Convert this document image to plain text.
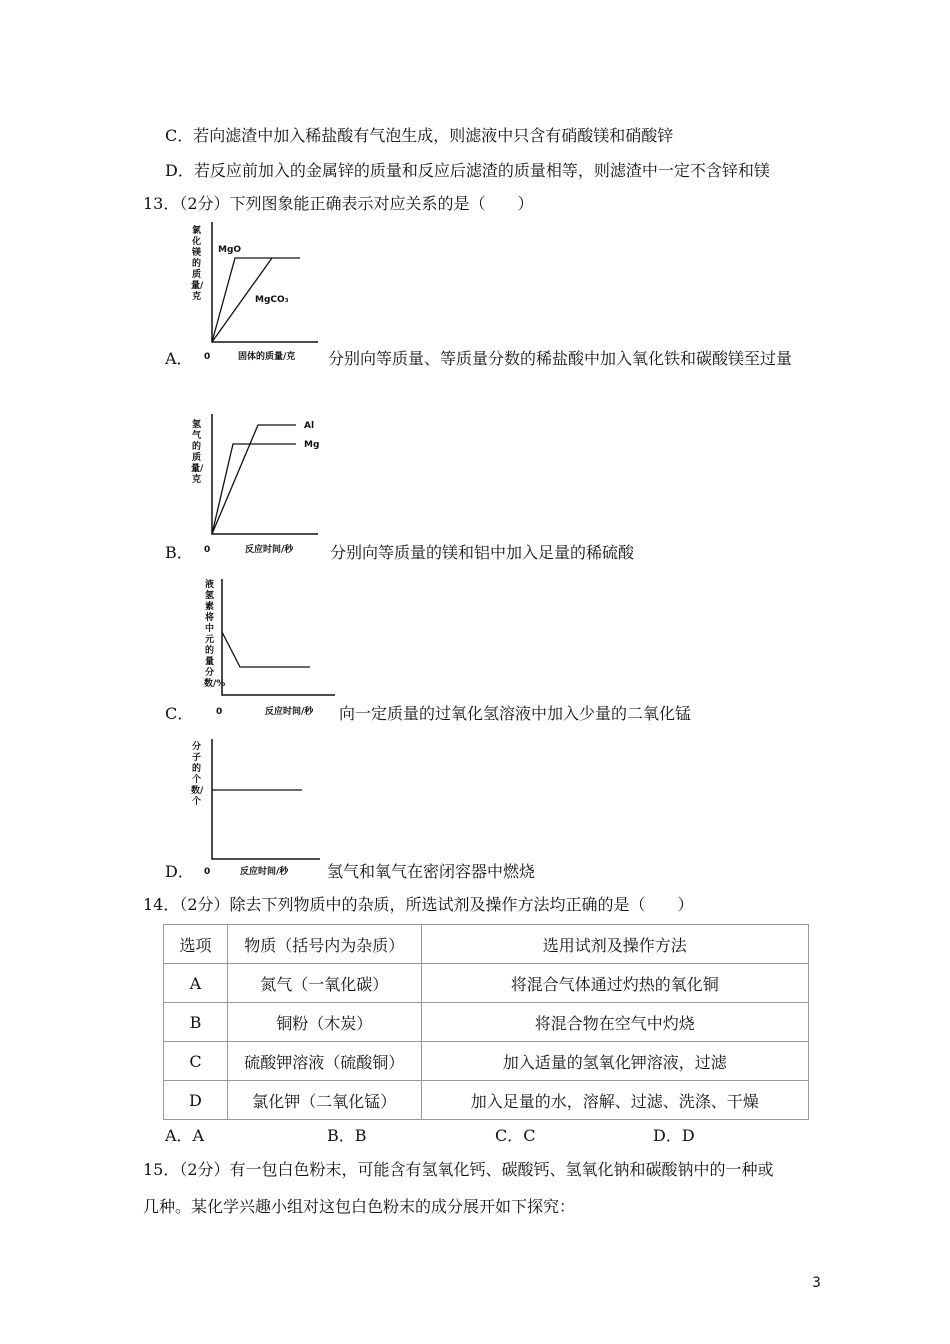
C．若向滤渣中加入稀盐酸有气泡生成，则滤液中只含有硝酸镁和硝酸锌
D．若反应前加入的金属锌的质量和反应后滤渣的质量相等，则滤渣中一定不含锌和镁
13．（2分）下列图象能正确表示对应关系的是（　　）
氯化镁的质量/克
MgO
MgCO₃
0	固体的质量/克
A．	分别向等质量、等质量分数的稀盐酸中加入氧化铁和碳酸镁至过量
氢气的质量/克
Al
Mg
0	反应时间/秒
B．	分别向等质量的镁和铝中加入足量的稀硫酸
液氢素将中元的量分数/%
0	反应时间/秒
C．	向一定质量的过氧化氢溶液中加入少量的二氧化锰
分子的个数/个
0	反应时间/秒
D．	氢气和氧气在密闭容器中燃烧
14．（2分）除去下列物质中的杂质，所选试剂及操作方法均正确的是（　　）
选项	物质（括号内为杂质）	选用试剂及操作方法
A	氮气（一氧化碳）	将混合气体通过灼热的氧化铜
B	铜粉（木炭）	将混合物在空气中灼烧
C	硫酸钾溶液（硫酸铜）	加入适量的氢氧化钾溶液，过滤
D	氯化钾（二氧化锰）	加入足量的水，溶解、过滤、洗涤、干燥
A．A	B．B	C．C	D．D
15．（2分）有一包白色粉末，可能含有氢氧化钙、碳酸钙、氢氧化钠和碳酸钠中的一种或
几种。某化学兴趣小组对这包白色粉末的成分展开如下探究：
3
